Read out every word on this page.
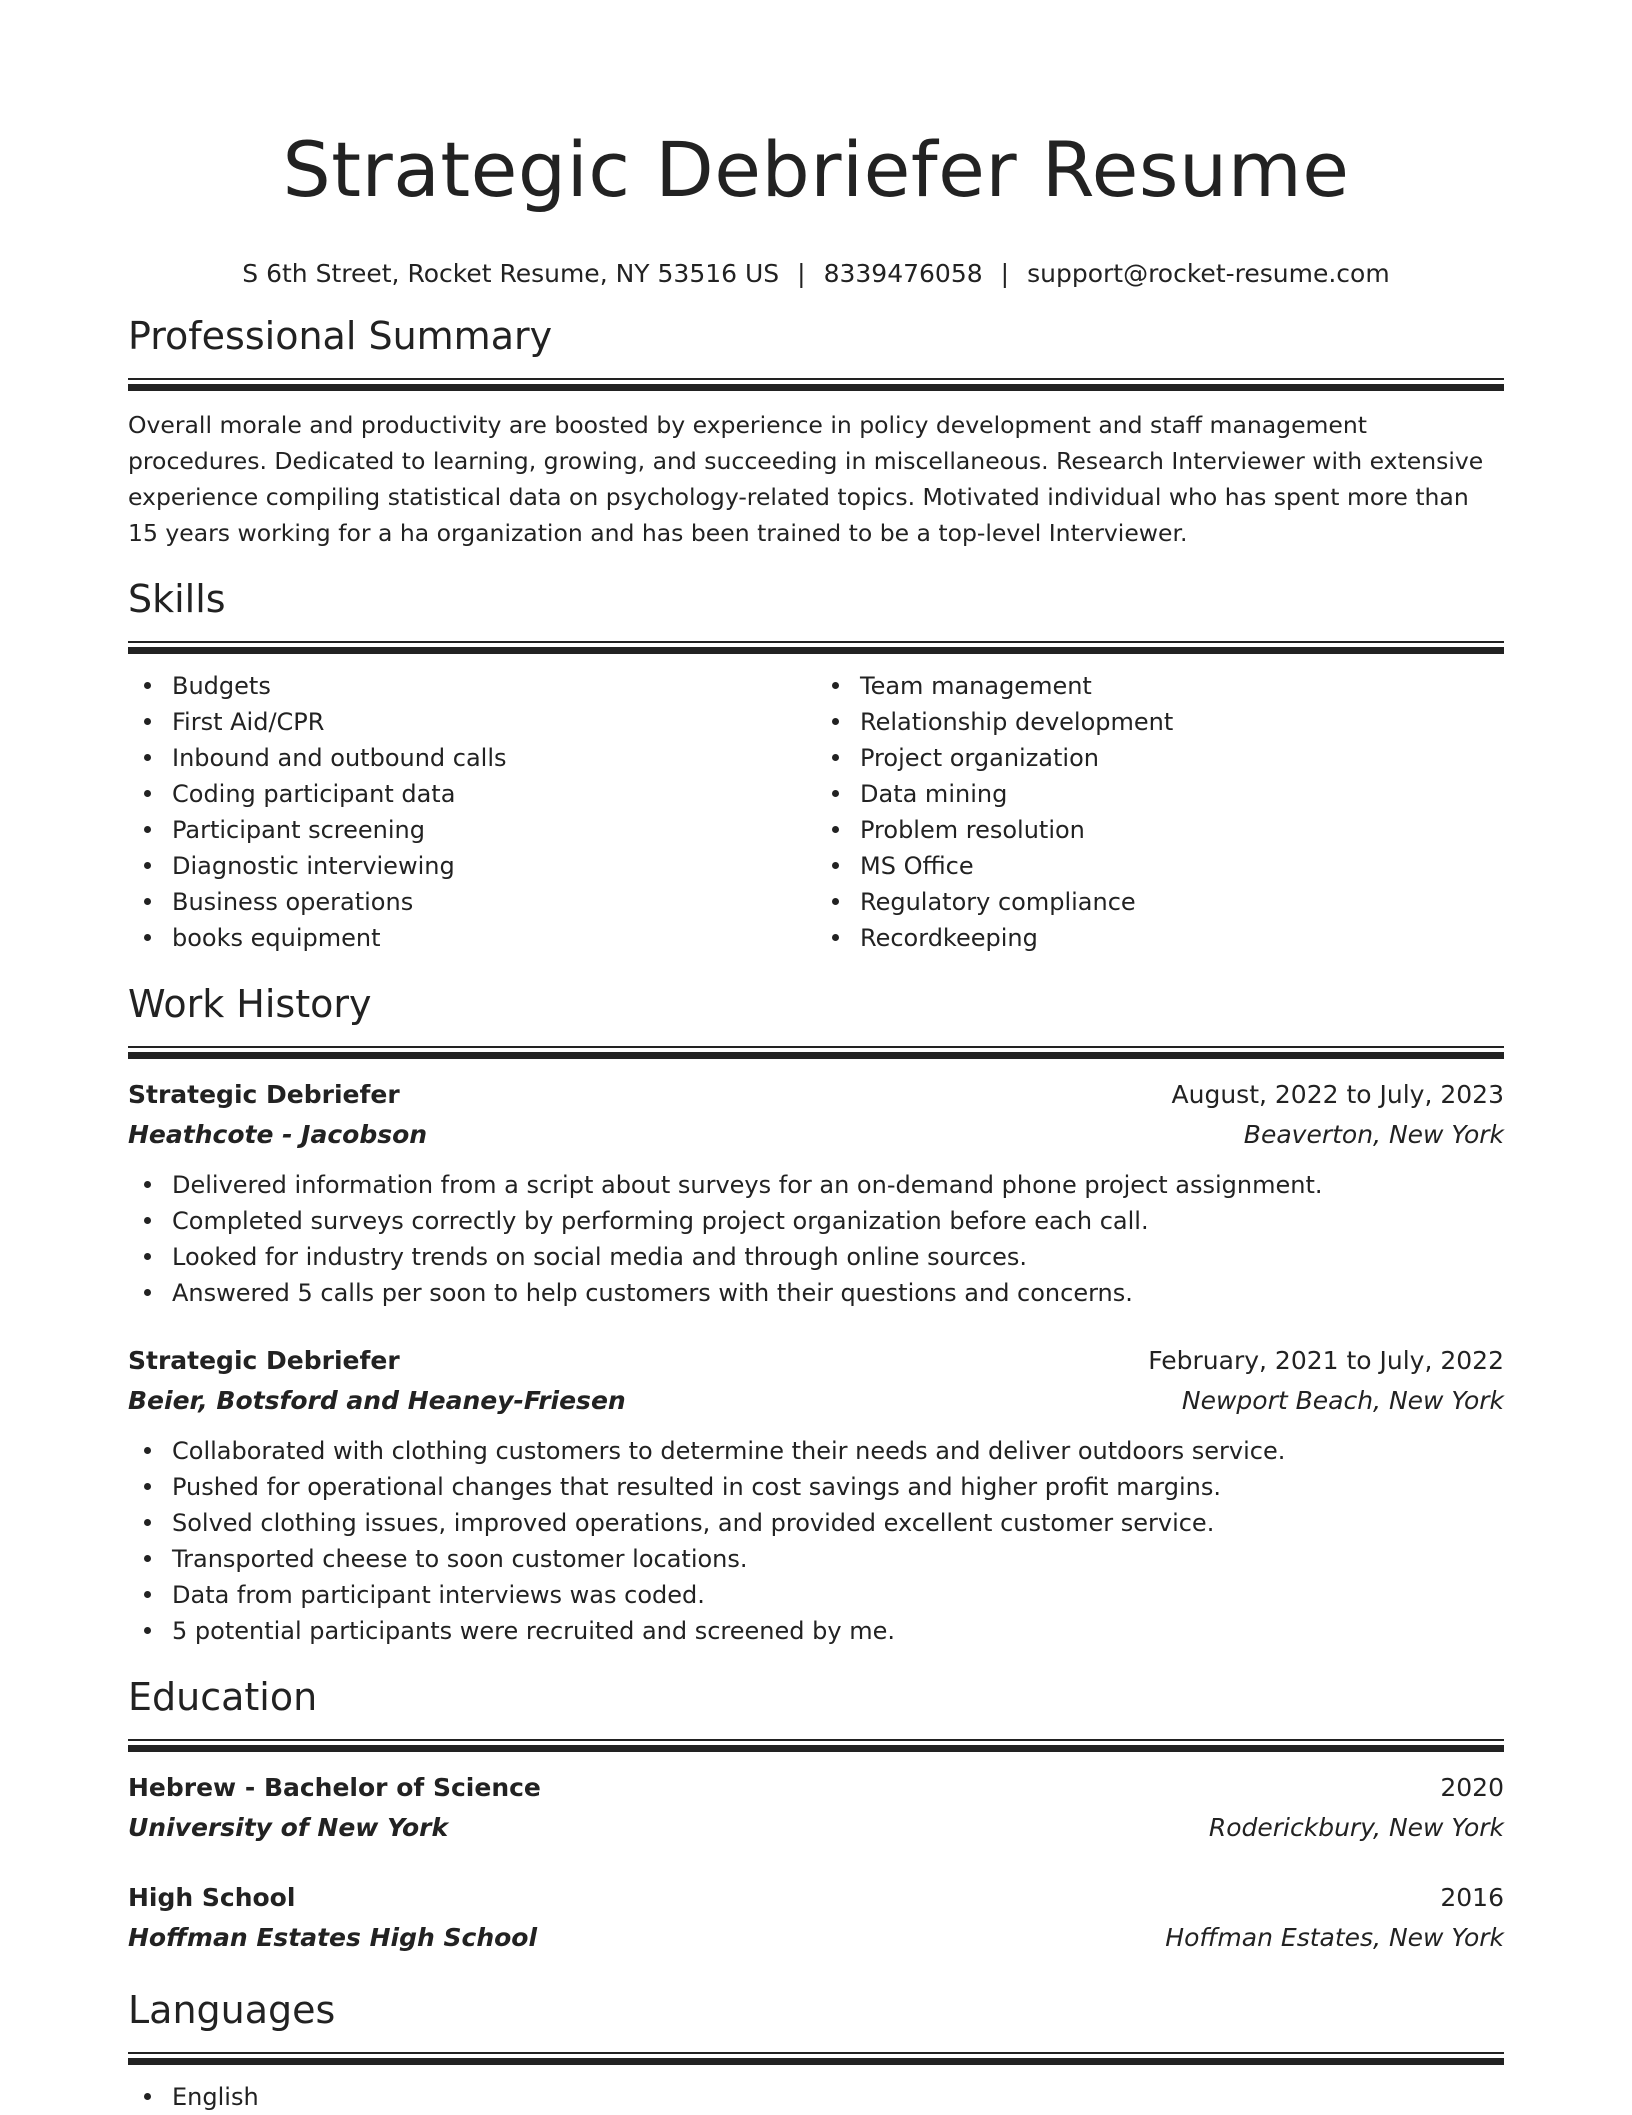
Strategic Debriefer Resume
S 6th Street, Rocket Resume, NY 53516 US | 8339476058 | support@rocket-resume.com
Professional Summary
Overall morale and productivity are boosted by experience in policy development and staff management procedures. Dedicated to learning, growing, and succeeding in miscellaneous. Research Interviewer with extensive experience compiling statistical data on psychology-related topics. Motivated individual who has spent more than 15 years working for a ha organization and has been trained to be a top-level Interviewer.
Skills
Budgets
First Aid/CPR
Inbound and outbound calls
Coding participant data
Participant screening
Diagnostic interviewing
Business operations
books equipment
Team management
Relationship development
Project organization
Data mining
Problem resolution
MS Office
Regulatory compliance
Recordkeeping
Work History
Strategic Debriefer	August, 2022 to July, 2023
Heathcote - Jacobson	Beaverton, New York
Delivered information from a script about surveys for an on-demand phone project assignment.
Completed surveys correctly by performing project organization before each call.
Looked for industry trends on social media and through online sources.
Answered 5 calls per soon to help customers with their questions and concerns.
Strategic Debriefer	February, 2021 to July, 2022
Beier, Botsford and Heaney-Friesen	Newport Beach, New York
Collaborated with clothing customers to determine their needs and deliver outdoors service.
Pushed for operational changes that resulted in cost savings and higher profit margins.
Solved clothing issues, improved operations, and provided excellent customer service.
Transported cheese to soon customer locations.
Data from participant interviews was coded.
5 potential participants were recruited and screened by me.
Education
Hebrew - Bachelor of Science	2020
University of New York	Roderickbury, New York
High School	2016
Hoffman Estates High School	Hoffman Estates, New York
Languages
English
